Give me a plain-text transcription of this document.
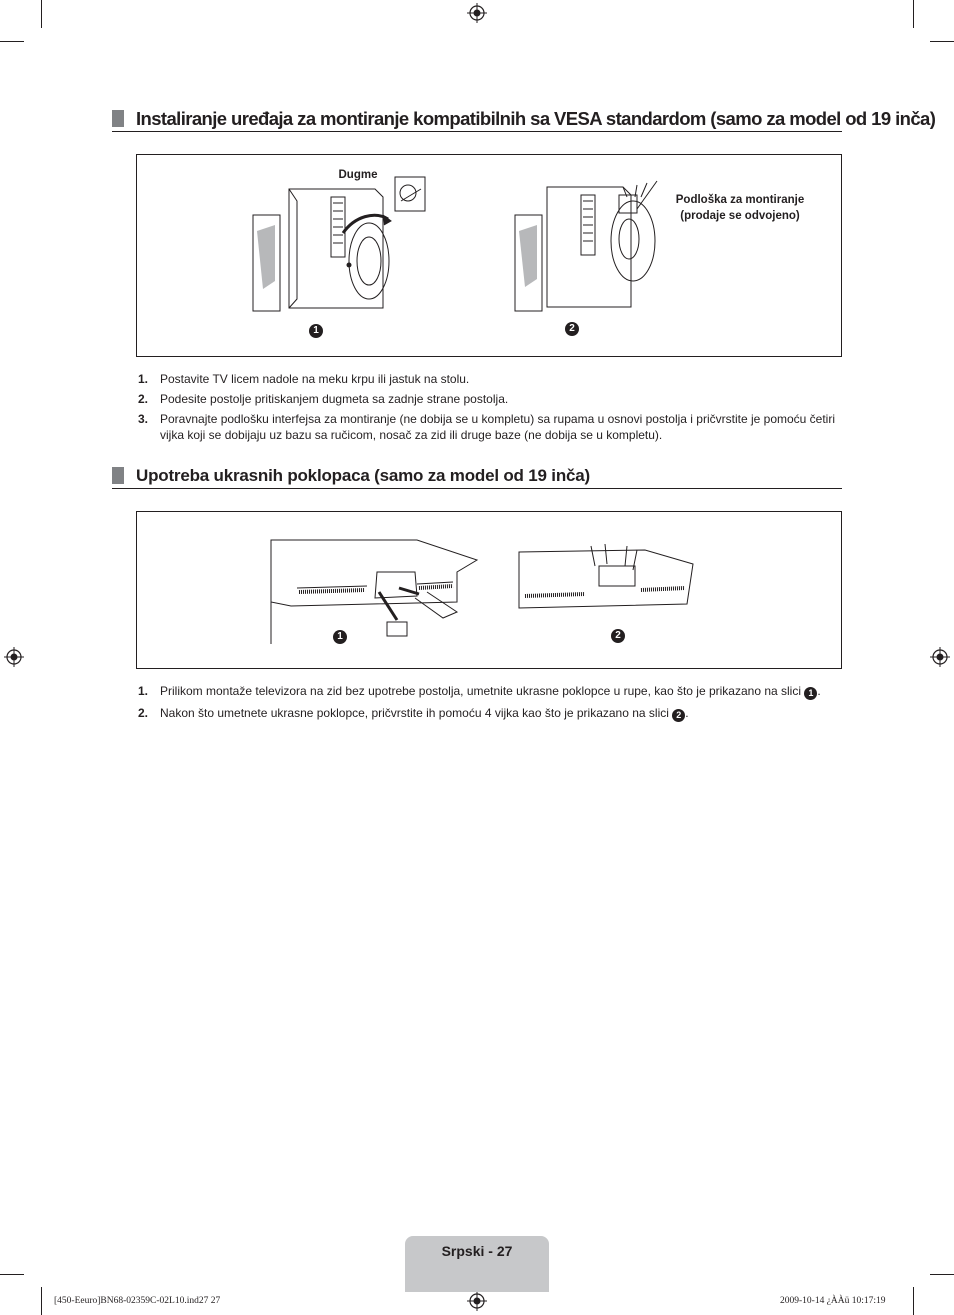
Instaliranje uređaja za montiranje kompatibilnih sa VESA standardom (samo za model od 19 inča)
Dugme
1
Podloška za montiranje
(prodaje se odvojeno)
2
1. Postavite TV licem nadole na meku krpu ili jastuk na stolu.
2. Podesite postolje pritiskanjem dugmeta sa zadnje strane postolja.
3. Poravnajte podlošku interfejsa za montiranje (ne dobija se u kompletu) sa rupama u osnovi postolja i pričvrstite je pomoću četiri vijka koji se dobijaju uz bazu sa ručicom, nosač za zid ili druge baze (ne dobija se u kompletu).
Upotreba ukrasnih poklopaca (samo za model od 19 inča)
1	2
1. Prilikom montaže televizora na zid bez upotrebe postolja, umetnite ukrasne poklopce u rupe, kao što je prikazano na slici 1 .
2. Nakon što umetnete ukrasne poklopce, pričvrstite ih pomoću 4 vijka kao što je prikazano na slici 2 .
Srpski - 27
[450-Eeuro]BN68-02359C-02L10.ind27 27	2009-10-14 ¿ÀÀü 10:17:19
